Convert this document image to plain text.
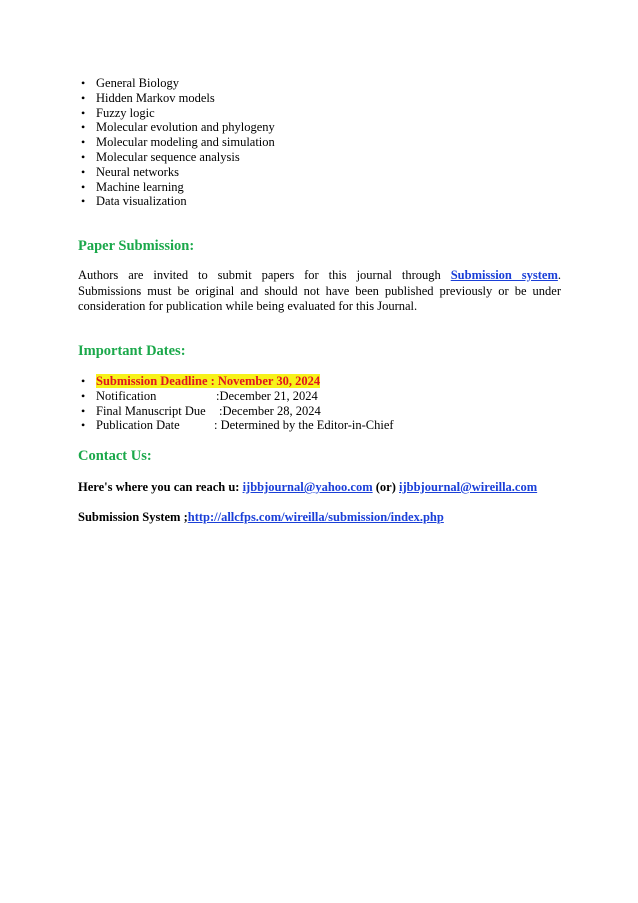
• General Biology
• Hidden Markov models
• Fuzzy logic
• Molecular evolution and phylogeny
• Molecular modeling and simulation
• Molecular sequence analysis
• Neural networks
• Machine learning
• Data visualization
Paper Submission:
Authors are invited to submit papers for this journal through Submission system.
Submissions must be original and should not have been published previously or be under
consideration for publication while being evaluated for this Journal.
Important Dates:
• Submission Deadline : November 30, 2024
• Notification	:December 21, 2024
• Final Manuscript Due :December 28, 2024
• Publication Date	: Determined by the Editor-in-Chief
Contact Us:
Here's where you can reach u: ijbbjournal@yahoo.com (or) ijbbjournal@wireilla.com
Submission System ;http://allcfps.com/wireilla/submission/index.php
